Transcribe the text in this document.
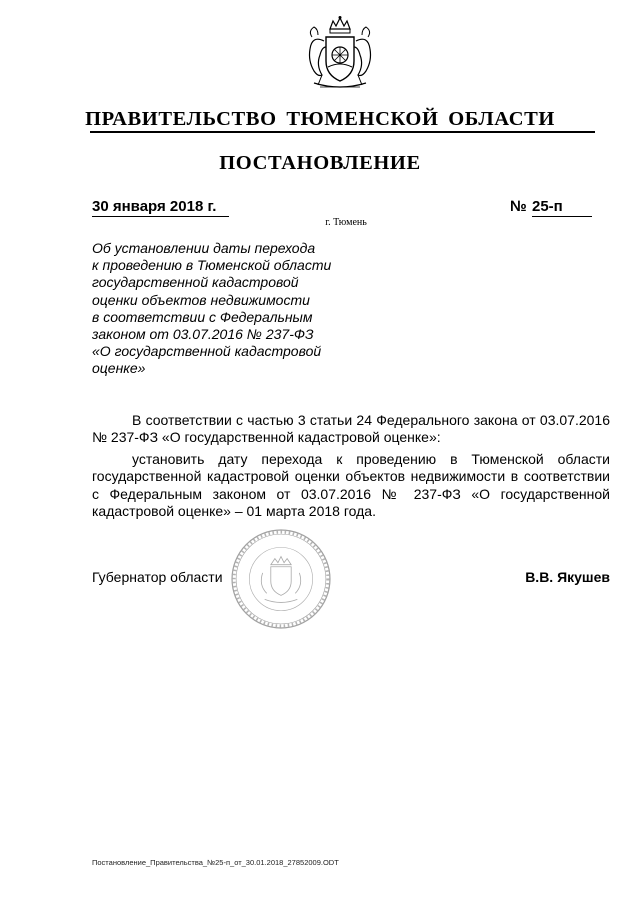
ПРАВИТЕЛЬСТВО ТЮМЕНСКОЙ ОБЛАСТИ
ПОСТАНОВЛЕНИЕ
30 января 2018 г.	№ 25-п
г. Тюмень
Об установлении даты перехода
к проведению в Тюменской области
государственной кадастровой
оценки объектов недвижимости
в соответствии с Федеральным
законом от 03.07.2016 № 237-ФЗ
«О государственной кадастровой
оценке»

В соответствии с частью 3 статьи 24 Федерального закона от 03.07.2016 № 237-ФЗ «О государственной кадастровой оценке»:

установить дату перехода к проведению в Тюменской области государственной кадастровой оценки объектов недвижимости в соответствии с Федеральным законом от 03.07.2016 № 237-ФЗ «О государственной кадастровой оценке» – 01 марта 2018 года.

Губернатор области	В.В. Якушев
Постановление_Правительства_№25-п_от_30.01.2018_27852009.ODT
